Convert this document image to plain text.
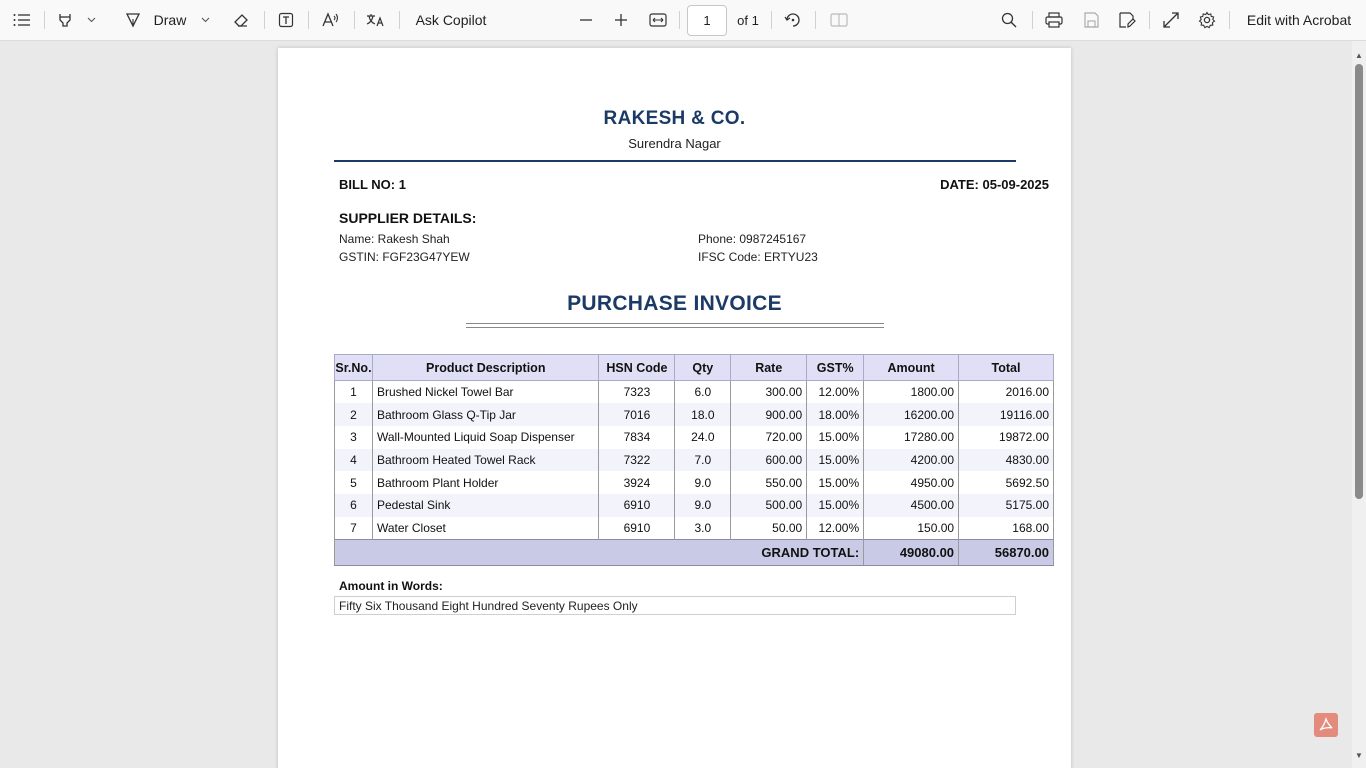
Draw	Ask Copilot	1	of 1	Edit with Acrobat
▲
▼
RAKESH & CO.
Surendra Nagar
BILL NO: 1	DATE: 05-09-2025
SUPPLIER DETAILS:
Name: Rakesh Shah
GSTIN: FGF23G47YEW
Phone: 0987245167
IFSC Code: ERTYU23
PURCHASE INVOICE
Sr.No.	Product Description	HSN Code	Qty	Rate	GST%	Amount	Total
1	Brushed Nickel Towel Bar	7323	6.0	300.00	12.00%	1800.00	2016.00
2	Bathroom Glass Q-Tip Jar	7016	18.0	900.00	18.00%	16200.00	19116.00
3	Wall-Mounted Liquid Soap Dispenser	7834	24.0	720.00	15.00%	17280.00	19872.00
4	Bathroom Heated Towel Rack	7322	7.0	600.00	15.00%	4200.00	4830.00
5	Bathroom Plant Holder	3924	9.0	550.00	15.00%	4950.00	5692.50
6	Pedestal Sink	6910	9.0	500.00	15.00%	4500.00	5175.00
7	Water Closet	6910	3.0	50.00	12.00%	150.00	168.00
GRAND TOTAL:						49080.00	56870.00
Amount in Words:
Fifty Six Thousand Eight Hundred Seventy Rupees Only
